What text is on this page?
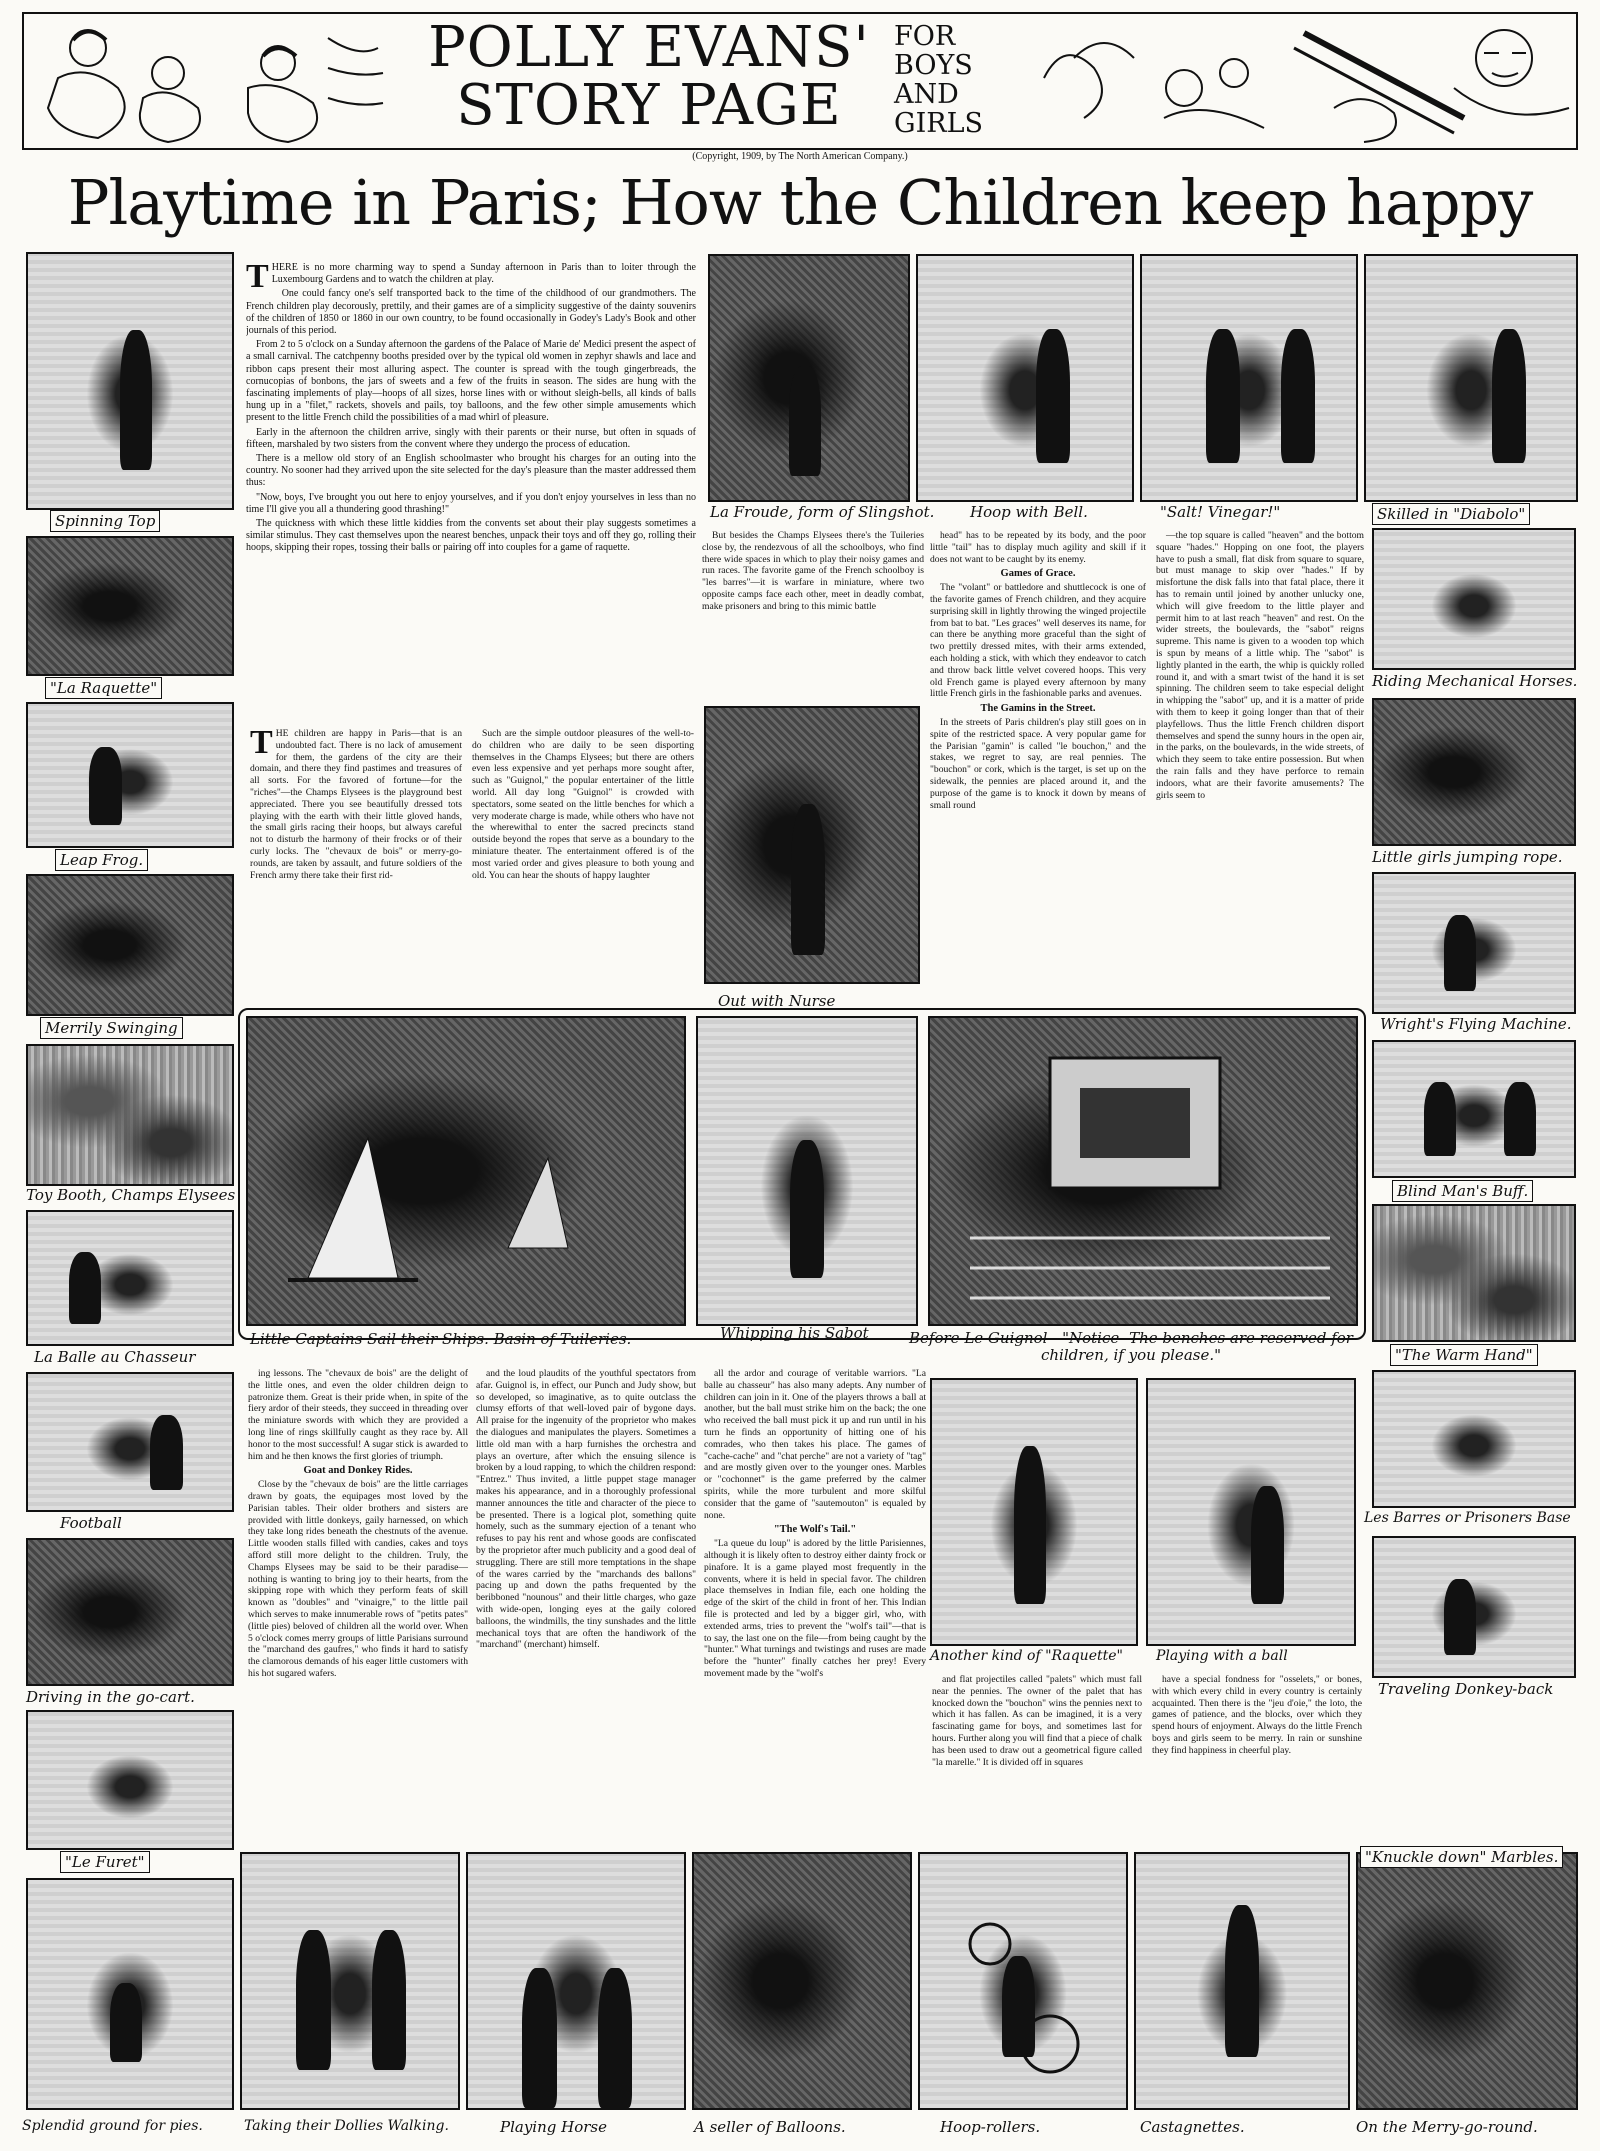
POLLY EVANS'
STORY PAGE
FOR
BOYS
AND
GIRLS
(Copyright, 1909, by The North American Company.)
Playtime in Paris; How the Children keep happy
Spinning Top
"La Raquette"
Leap Frog.
Merrily Swinging
Toy Booth, Champs Elysees
La Balle au Chasseur
Football
Driving in the go-cart.
"Le Furet"

THERE is no more charming way to spend a Sunday afternoon in Paris than to loiter through the Luxembourg Gardens and to watch the children at play.

One could fancy one's self transported back to the time of the childhood of our grandmothers. The French children play decorously, prettily, and their games are of a simplicity suggestive of the dainty souvenirs of the children of 1850 or 1860 in our own country, to be found occasionally in Godey's Lady's Book and other journals of this period.

From 2 to 5 o'clock on a Sunday afternoon the gardens of the Palace of Marie de' Medici present the aspect of a small carnival. The catchpenny booths presided over by the typical old women in zephyr shawls and lace and ribbon caps present their most alluring aspect. The counter is spread with the tough gingerbreads, the cornucopias of bonbons, the jars of sweets and a few of the fruits in season. The sides are hung with the fascinating implements of play—hoops of all sizes, horse lines with or without sleigh-bells, all kinds of balls hung up in a "filet," rackets, shovels and pails, toy balloons, and the few other simple amusements which present to the little French child the possibilities of a mad whirl of pleasure.

Early in the afternoon the children arrive, singly with their parents or their nurse, but often in squads of fifteen, marshaled by two sisters from the convent where they undergo the process of education.

There is a mellow old story of an English schoolmaster who brought his charges for an outing into the country. No sooner had they arrived upon the site selected for the day's pleasure than the master addressed them thus:

"Now, boys, I've brought you out here to enjoy yourselves, and if you don't enjoy yourselves in less than no time I'll give you all a thundering good thrashing!"

The quickness with which these little kiddies from the convents set about their play suggests sometimes a similar stimulus. They cast themselves upon the nearest benches, unpack their toys and off they go, rolling their hoops, skipping their ropes, tossing their balls or pairing off into couples for a game of raquette.

La Froude, form of Slingshot. Hoop with Bell.	"Salt! Vinegar!"	Skilled in "Diabolo"

THE children are happy in Paris—that is an undoubted fact. There is no lack of amusement for them, the gardens of the city are their domain, and there they find pastimes and treasures of all sorts. For the favored of fortune—for the "riches"—the Champs Elysees is the playground best appreciated. There you see beautifully dressed tots playing with the earth with their little gloved hands, the small girls racing their hoops, but always careful not to disturb the harmony of their frocks or of their curly locks. The "chevaux de bois" or merry-go-rounds, are taken by assault, and future soldiers of the French army there take their first rid-

Such are the simple outdoor pleasures of the well-to-do children who are daily to be seen disporting themselves in the Champs Elysees; but there are others even less expensive and yet perhaps more sought after, such as "Guignol," the popular entertainer of the little world. All day long "Guignol" is crowded with spectators, some seated on the little benches for which a very moderate charge is made, while others who have not the wherewithal to enter the sacred precincts stand outside beyond the ropes that serve as a boundary to the miniature theater. The entertainment offered is of the most varied order and gives pleasure to both young and old. You can hear the shouts of happy laughter

But besides the Champs Elysees there's the Tuileries close by, the rendezvous of all the schoolboys, who find there wide spaces in which to play their noisy games and run races. The favorite game of the French schoolboy is "les barres"—it is warfare in miniature, where two opposite camps face each other, meet in deadly combat, make prisoners and bring to this mimic battle

Out with Nurse

head" has to be repeated by its body, and the poor little "tail" has to display much agility and skill if it does not want to be caught by its enemy.

Games of Grace.

The "volant" or battledore and shuttlecock is one of the favorite games of French children, and they acquire surprising skill in lightly throwing the winged projectile from bat to bat. "Les graces" well deserves its name, for can there be anything more graceful than the sight of two prettily dressed mites, with their arms extended, each holding a stick, with which they endeavor to catch and throw back little velvet covered hoops. This very old French game is played every afternoon by many little French girls in the fashionable parks and avenues.

The Gamins in the Street.

In the streets of Paris children's play still goes on in spite of the restricted space. A very popular game for the Parisian "gamin" is called "le bouchon," and the stakes, we regret to say, are real pennies. The "bouchon" or cork, which is the target, is set up on the sidewalk, the pennies are placed around it, and the purpose of the game is to knock it down by means of small round

—the top square is called "heaven" and the bottom square "hades." Hopping on one foot, the players have to push a small, flat disk from square to square, but must manage to skip over "hades." If by misfortune the disk falls into that fatal place, there it has to remain until joined by another unlucky one, which will give freedom to the little player and permit him to at last reach "heaven" and rest. On the wider streets, the boulevards, the "sabot" reigns supreme. This name is given to a wooden top which is spun by means of a little whip. The "sabot" is lightly planted in the earth, the whip is quickly rolled round it, and with a smart twist of the hand it is set spinning. The children seem to take especial delight in whipping the "sabot" up, and it is a matter of pride with them to keep it going longer than that of their playfellows. Thus the little French children disport themselves and spend the sunny hours in the open air, in the parks, on the boulevards, in the wide streets, of which they seem to take entire possession. But when the rain falls and they have perforce to remain indoors, what are their favorite amusements? The girls seem to

Riding Mechanical Horses.
Little girls jumping rope.
Wright's Flying Machine.
Blind Man's Buff.
"The Warm Hand"
Les Barres or Prisoners Base
Traveling Donkey-back
Little Captains Sail their Ships. Basin of Tuileries.	Whipping his Sabot	Before Le Guignol - "Notice- The benches are reserved for children, if you please."

ing lessons. The "chevaux de bois" are the delight of the little ones, and even the older children deign to patronize them. Great is their pride when, in spite of the fiery ardor of their steeds, they succeed in threading over the miniature swords with which they are provided a long line of rings skillfully caught as they race by. All honor to the most successful! A sugar stick is awarded to him and he then knows the first glories of triumph.

Goat and Donkey Rides.

Close by the "chevaux de bois" are the little carriages drawn by goats, the equipages most loved by the Parisian tables. Their older brothers and sisters are provided with little donkeys, gaily harnessed, on which they take long rides beneath the chestnuts of the avenue. Little wooden stalls filled with candies, cakes and toys afford still more delight to the children. Truly, the Champs Elysees may be said to be their paradise—nothing is wanting to bring joy to their hearts, from the skipping rope with which they perform feats of skill known as "doubles" and "vinaigre," to the little pail which serves to make innumerable rows of "petits pates" (little pies) beloved of children all the world over. When 5 o'clock comes merry groups of little Parisians surround the "marchand des gaufres," who finds it hard to satisfy the clamorous demands of his eager little customers with his hot sugared wafers.

and the loud plaudits of the youthful spectators from afar. Guignol is, in effect, our Punch and Judy show, but so developed, so imaginative, as to quite outclass the clumsy efforts of that well-loved pair of bygone days. All praise for the ingenuity of the proprietor who makes the dialogues and manipulates the players. Sometimes a little old man with a harp furnishes the orchestra and plays an overture, after which the ensuing silence is broken by a loud rapping, to which the children respond: "Entrez." Thus invited, a little puppet stage manager makes his appearance, and in a thoroughly professional manner announces the title and character of the piece to be presented. There is a logical plot, something quite homely, such as the summary ejection of a tenant who refuses to pay his rent and whose goods are confiscated by the proprietor after much publicity and a good deal of struggling. There are still more temptations in the shape of the wares carried by the "marchands des ballons" pacing up and down the paths frequented by the beribboned "nounous" and their little charges, who gaze with wide-open, longing eyes at the gaily colored balloons, the windmills, the tiny sunshades and the little mechanical toys that are often the handiwork of the "marchand" (merchant) himself.

all the ardor and courage of veritable warriors. "La balle au chasseur" has also many adepts. Any number of children can join in it. One of the players throws a ball at another, but the ball must strike him on the back; the one who received the ball must pick it up and run until in his turn he finds an opportunity of hitting one of his comrades, who then takes his place. The games of "cache-cache" and "chat perche" are not a variety of "tag" and are mostly given over to the younger ones. Marbles or "cochonnet" is the game preferred by the calmer spirits, while the more turbulent and more skilful consider that the game of "sautemouton" is equaled by none.

"The Wolf's Tail."

"La queue du loup" is adored by the little Parisiennes, although it is likely often to destroy either dainty frock or pinafore. It is a game played most frequently in the convents, where it is held in special favor. The children place themselves in Indian file, each one holding the edge of the skirt of the child in front of her. This Indian file is protected and led by a bigger girl, who, with extended arms, tries to prevent the "wolf's tail"—that is to say, the last one on the file—from being caught by the "hunter." What turnings and twistings and ruses are made before the "hunter" finally catches her prey! Every movement made by the "wolf's

Another kind of "Raquette" Playing with a ball

and flat projectiles called "palets" which must fall near the pennies. The owner of the palet that has knocked down the "bouchon" wins the pennies next to which it has fallen. As can be imagined, it is a very fascinating game for boys, and sometimes last for hours. Further along you will find that a piece of chalk has been used to draw out a geometrical figure called "la marelle." It is divided off in squares

have a special fondness for "osselets," or bones, with which every child in every country is certainly acquainted. Then there is the "jeu d'oie," the loto, the games of patience, and the blocks, over which they spend hours of enjoyment. Always do the little French boys and girls seem to be merry. In rain or sunshine they find happiness in cheerful play.

"Knuckle down" Marbles.
Splendid ground for pies.	Taking their Dollies Walking.	Playing Horse	A seller of Balloons.	Hoop-rollers.	Castagnettes.	On the Merry-go-round.
